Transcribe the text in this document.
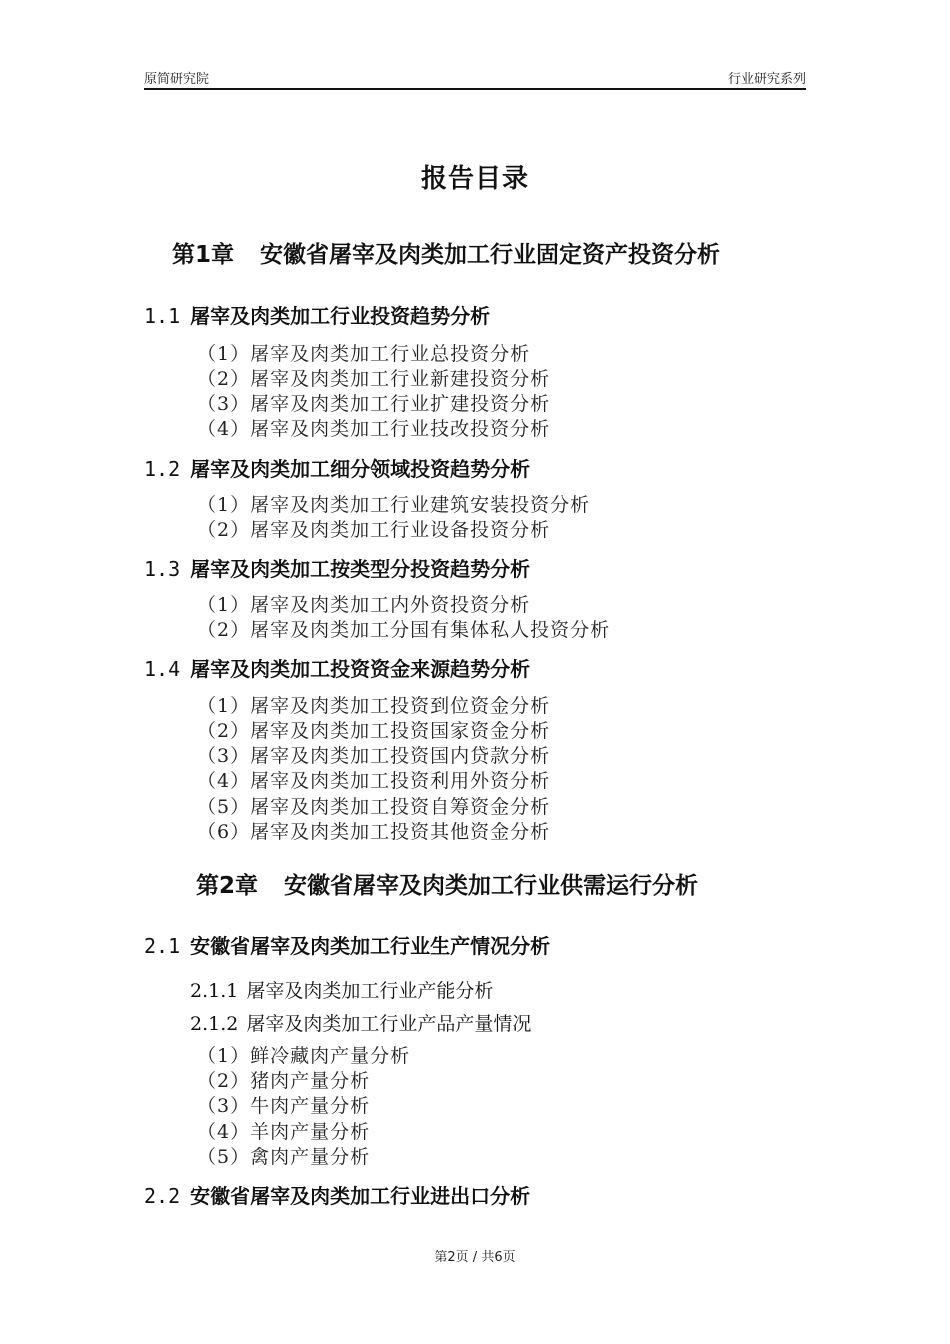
原简研究院	行业研究系列
报告目录
第1章 安徽省屠宰及肉类加工行业固定资产投资分析
1.1 屠宰及肉类加工行业投资趋势分析
（1）屠宰及肉类加工行业总投资分析
（2）屠宰及肉类加工行业新建投资分析
（3）屠宰及肉类加工行业扩建投资分析
（4）屠宰及肉类加工行业技改投资分析
1.2 屠宰及肉类加工细分领域投资趋势分析
（1）屠宰及肉类加工行业建筑安装投资分析
（2）屠宰及肉类加工行业设备投资分析
1.3 屠宰及肉类加工按类型分投资趋势分析
（1）屠宰及肉类加工内外资投资分析
（2）屠宰及肉类加工分国有集体私人投资分析
1.4 屠宰及肉类加工投资资金来源趋势分析
（1）屠宰及肉类加工投资到位资金分析
（2）屠宰及肉类加工投资国家资金分析
（3）屠宰及肉类加工投资国内贷款分析
（4）屠宰及肉类加工投资利用外资分析
（5）屠宰及肉类加工投资自筹资金分析
（6）屠宰及肉类加工投资其他资金分析
第2章 安徽省屠宰及肉类加工行业供需运行分析
2.1 安徽省屠宰及肉类加工行业生产情况分析
2.1.1 屠宰及肉类加工行业产能分析
2.1.2 屠宰及肉类加工行业产品产量情况
（1）鲜冷藏肉产量分析
（2）猪肉产量分析
（3）牛肉产量分析
（4）羊肉产量分析
（5）禽肉产量分析
2.2 安徽省屠宰及肉类加工行业进出口分析
第2页 / 共6页
